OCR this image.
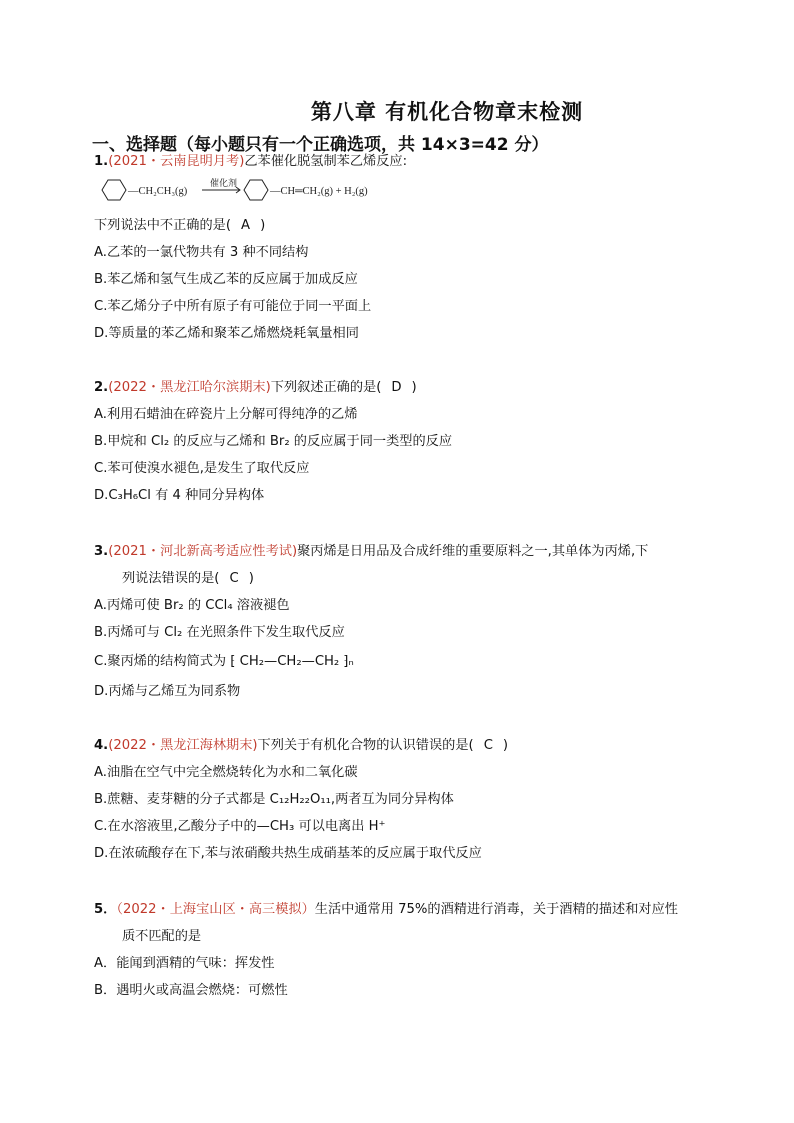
第八章 有机化合物章末检测
一、选择题（每小题只有一个正确选项，共 14×3=42 分）
1.(2021・云南昆明月考)乙苯催化脱氢制苯乙烯反应:
—CH₂CH₃(g)
催化剂
—CH═CH₂(g) + H₂(g)
下列说法中不正确的是( A )
A.乙苯的一氯代物共有 3 种不同结构
B.苯乙烯和氢气生成乙苯的反应属于加成反应
C.苯乙烯分子中所有原子有可能位于同一平面上
D.等质量的苯乙烯和聚苯乙烯燃烧耗氧量相同
2.(2022・黑龙江哈尔滨期末)下列叙述正确的是( D )
A.利用石蜡油在碎瓷片上分解可得纯净的乙烯
B.甲烷和 Cl₂ 的反应与乙烯和 Br₂ 的反应属于同一类型的反应
C.苯可使溴水褪色,是发生了取代反应
D.C₃H₆Cl 有 4 种同分异构体
3.(2021・河北新高考适应性考试)聚丙烯是日用品及合成纤维的重要原料之一,其单体为丙烯,下
列说法错误的是( C )
A.丙烯可使 Br₂ 的 CCl₄ 溶液褪色
B.丙烯可与 Cl₂ 在光照条件下发生取代反应
C.聚丙烯的结构简式为 ⁅ CH₂—CH₂—CH₂ ⁆ₙ
D.丙烯与乙烯互为同系物
4.(2022・黑龙江海林期末)下列关于有机化合物的认识错误的是( C )
A.油脂在空气中完全燃烧转化为水和二氧化碳
B.蔗糖、麦芽糖的分子式都是 C₁₂H₂₂O₁₁,两者互为同分异构体
C.在水溶液里,乙酸分子中的—CH₃ 可以电离出 H⁺
D.在浓硫酸存在下,苯与浓硝酸共热生成硝基苯的反应属于取代反应
5．（2022・上海宝山区・高三模拟）生活中通常用 75%的酒精进行消毒，关于酒精的描述和对应性
质不匹配的是
A．能闻到酒精的气味：挥发性
B．遇明火或高温会燃烧：可燃性
